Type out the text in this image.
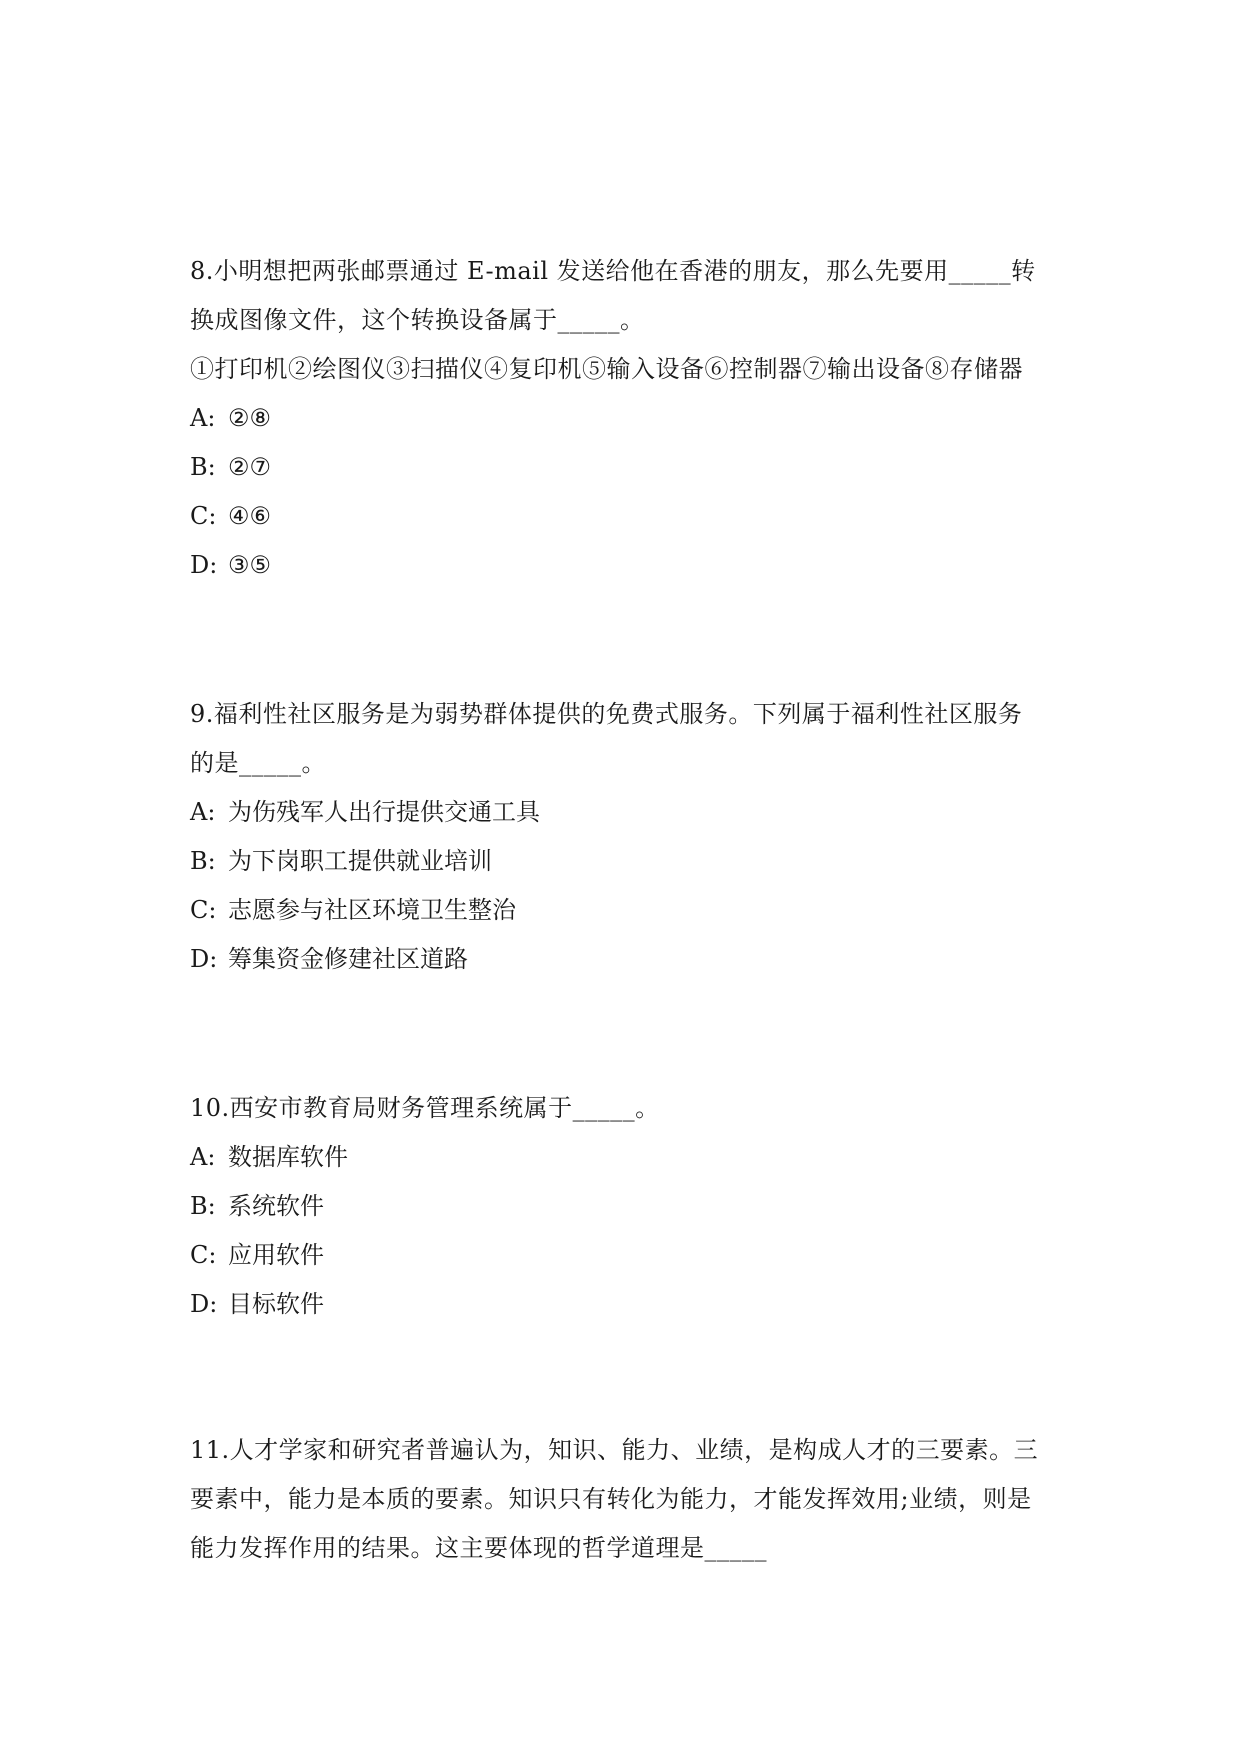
8.小明想把两张邮票通过 E-mail 发送给他在香港的朋友，那么先要用_____转
换成图像文件，这个转换设备属于_____。
①打印机②绘图仪③扫描仪④复印机⑤输入设备⑥控制器⑦输出设备⑧存储器

A: ②⑧

B: ②⑦

C: ④⑥

D: ③⑤

9.福利性社区服务是为弱势群体提供的免费式服务。下列属于福利性社区服务
的是_____。

A: 为伤残军人出行提供交通工具

B: 为下岗职工提供就业培训

C: 志愿参与社区环境卫生整治

D: 筹集资金修建社区道路

10.西安市教育局财务管理系统属于_____。

A: 数据库软件

B: 系统软件

C: 应用软件

D: 目标软件

11.人才学家和研究者普遍认为，知识、能力、业绩，是构成人才的三要素。三
要素中，能力是本质的要素。知识只有转化为能力，才能发挥效用;业绩，则是
能力发挥作用的结果。这主要体现的哲学道理是_____
